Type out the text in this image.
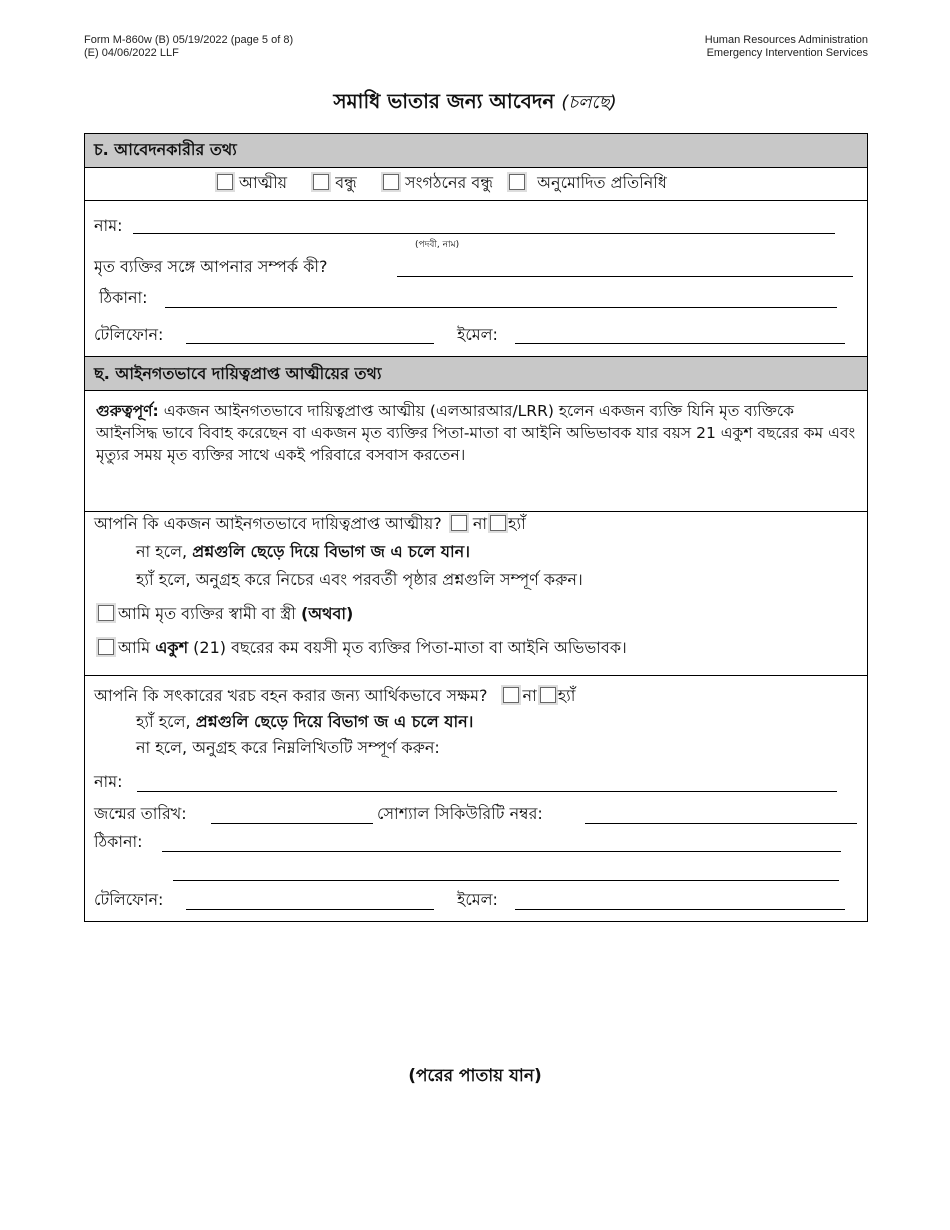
Form M-860w (B) 05/19/2022 (page 5 of 8)
(E) 04/06/2022 LLF
Human Resources Administration
Emergency Intervention Services
সমাধি ভাতার জন্য আবেদন (চলছে)
চ. আবেদনকারীর তথ্য
আত্মীয়	বন্ধু	সংগঠনের বন্ধু	অনুমোদিত প্রতিনিধি
নাম:
(পদবী, নাম)
মৃত ব্যক্তির সঙ্গে আপনার সম্পর্ক কী?
ঠিকানা:
টেলিফোন:	ইমেল:
ছ. আইনগতভাবে দায়িত্বপ্রাপ্ত আত্মীয়ের তথ্য
গুরুত্বপূর্ণ: একজন আইনগতভাবে দায়িত্বপ্রাপ্ত আত্মীয় (এলআরআর/LRR) হলেন একজন ব্যক্তি যিনি মৃত ব্যক্তিকে আইনসিদ্ধ ভাবে বিবাহ করেছেন বা একজন মৃত ব্যক্তির পিতা-মাতা বা আইনি অভিভাবক যার বয়স 21 একুশ বছরের কম এবং মৃত্যুর সময় মৃত ব্যক্তির সাথে একই পরিবারে বসবাস করতেন।
আপনি কি একজন আইনগতভাবে দায়িত্বপ্রাপ্ত আত্মীয়? না হ্যাঁ
না হলে, প্রশ্নগুলি ছেড়ে দিয়ে বিভাগ জ এ চলে যান।
হ্যাঁ হলে, অনুগ্রহ করে নিচের এবং পরবর্তী পৃষ্ঠার প্রশ্নগুলি সম্পূর্ণ করুন।
আমি মৃত ব্যক্তির স্বামী বা স্ত্রী (অথবা)
আমি একুশ (21) বছরের কম বয়সী মৃত ব্যক্তির পিতা-মাতা বা আইনি অভিভাবক।
আপনি কি সৎকারের খরচ বহন করার জন্য আর্থিকভাবে সক্ষম? না হ্যাঁ
হ্যাঁ হলে, প্রশ্নগুলি ছেড়ে দিয়ে বিভাগ জ এ চলে যান।
না হলে, অনুগ্রহ করে নিম্নলিখিতটি সম্পূর্ণ করুন:
নাম:
জন্মের তারিখ:	সোশ্যাল সিকিউরিটি নম্বর:
ঠিকানা:
টেলিফোন:	ইমেল:
(পরের পাতায় যান)
